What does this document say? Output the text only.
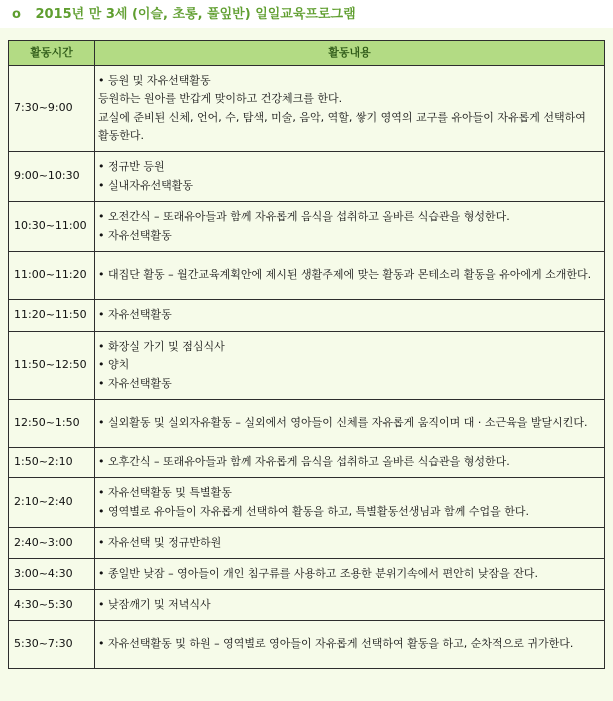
o 2015년 만 3세 (이슬, 초롱, 풀잎반) 일일교육프로그램
활동시간	활동내용
7:30~9:00	• 등원 및 자유선택활동
등원하는 원아를 반갑게 맞이하고 건강체크를 한다.
교실에 준비된 신체, 언어, 수, 탐색, 미술, 음악, 역할, 쌓기 영역의 교구를 유아들이 자유롭게 선택하여 활동한다.

9:00~10:30	• 정규반 등원
• 실내자유선택활동

10:30~11:00	• 오전간식 – 또래유아들과 함께 자유롭게 음식을 섭취하고 올바른 식습관을 형성한다.
• 자유선택활동

11:00~11:20	• 대집단 활동 – 월간교육계획안에 제시된 생활주제에 맞는 활동과 몬테소리 활동을 유아에게 소개한다.

11:20~11:50	• 자유선택활동

11:50~12:50	• 화장실 가기 및 점심식사
• 양치
• 자유선택활동

12:50~1:50	• 실외활동 및 실외자유활동 – 실외에서 영아들이 신체를 자유롭게 움직이며 대 · 소근육을 발달시킨다.

1:50~2:10	• 오후간식 – 또래유아들과 함께 자유롭게 음식을 섭취하고 올바른 식습관을 형성한다.

2:10~2:40	• 자유선택활동 및 특별활동
• 영역별로 유아들이 자유롭게 선택하여 활동을 하고, 특별활동선생님과 함께 수업을 한다.

2:40~3:00	• 자유선택 및 정규반하원

3:00~4:30	• 종일반 낮잠 – 영아들이 개인 침구류를 사용하고 조용한 분위기속에서 편안히 낮잠을 잔다.

4:30~5:30	• 낮잠깨기 및 저녁식사

5:30~7:30	• 자유선택활동 및 하원 – 영역별로 영아들이 자유롭게 선택하여 활동을 하고, 순차적으로 귀가한다.
